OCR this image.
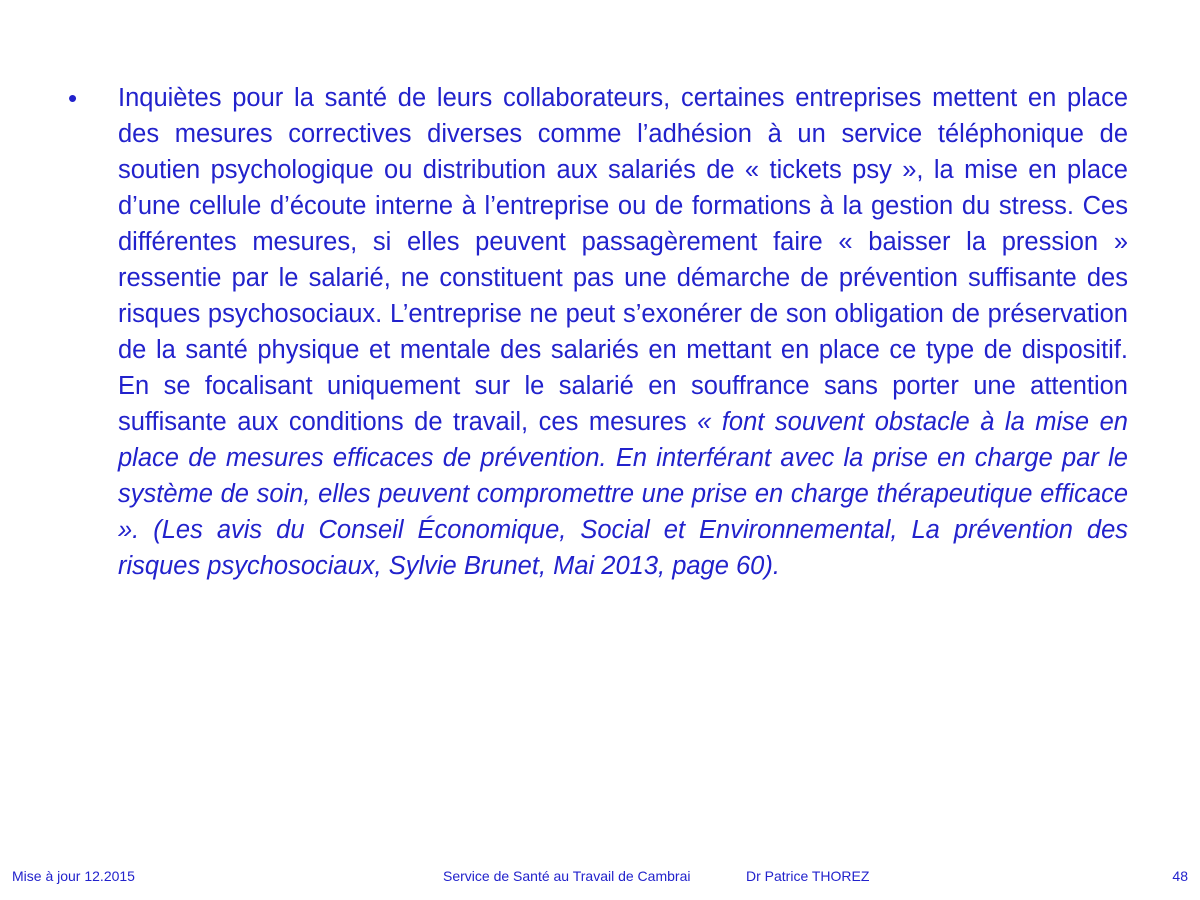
•	Inquiètes pour la santé de leurs collaborateurs, certaines entreprises mettent en place des mesures correctives diverses comme l’adhésion à un service téléphonique de soutien psychologique ou distribution aux salariés de « tickets psy », la mise en place d’une cellule d’écoute interne à l’entreprise ou de formations à la gestion du stress. Ces différentes mesures, si elles peuvent passagèrement faire « baisser la pression » ressentie par le salarié, ne constituent pas une démarche de prévention suffisante des risques psychosociaux. L’entreprise ne peut s’exonérer de son obligation de préservation de la santé physique et mentale des salariés en mettant en place ce type de dispositif. En se focalisant uniquement sur le salarié en souffrance sans porter une attention suffisante aux conditions de travail, ces mesures « font souvent obstacle à la mise en place de mesures efficaces de prévention. En interférant avec la prise en charge par le système de soin, elles peuvent compromettre une prise en charge thérapeutique efficace ». (Les avis du Conseil Économique, Social et Environnemental, La prévention des risques psychosociaux, Sylvie Brunet, Mai 2013, page 60).

Mise à jour 12.2015	Service de Santé au Travail de Cambrai	Dr Patrice THOREZ	48
